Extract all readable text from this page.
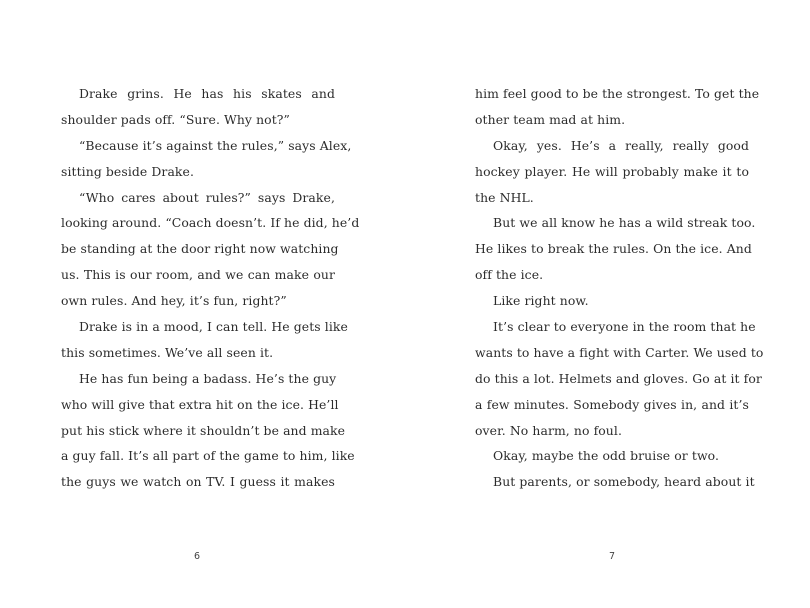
Drake grins. He has his skates and
shoulder pads off. “Sure. Why not?”
“Because it’s against the rules,” says Alex,
sitting beside Drake.
“Who cares about rules?” says Drake,
looking around. “Coach doesn’t. If he did, he’d
be standing at the door right now watching
us. This is our room, and we can make our
own rules. And hey, it’s fun, right?”
Drake is in a mood, I can tell. He gets like
this sometimes. We’ve all seen it.
He has fun being a badass. He’s the guy
who will give that extra hit on the ice. He’ll
put his stick where it shouldn’t be and make
a guy fall. It’s all part of the game to him, like
the guys we watch on TV. I guess it makes
6
him feel good to be the strongest. To get the
other team mad at him.
Okay, yes. He’s a really, really good
hockey player. He will probably make it to
the NHL.
But we all know he has a wild streak too.
He likes to break the rules. On the ice. And
off the ice.
Like right now.
It’s clear to everyone in the room that he
wants to have a fight with Carter. We used to
do this a lot. Helmets and gloves. Go at it for
a few minutes. Somebody gives in, and it’s
over. No harm, no foul.
Okay, maybe the odd bruise or two.
But parents, or somebody, heard about it
7
